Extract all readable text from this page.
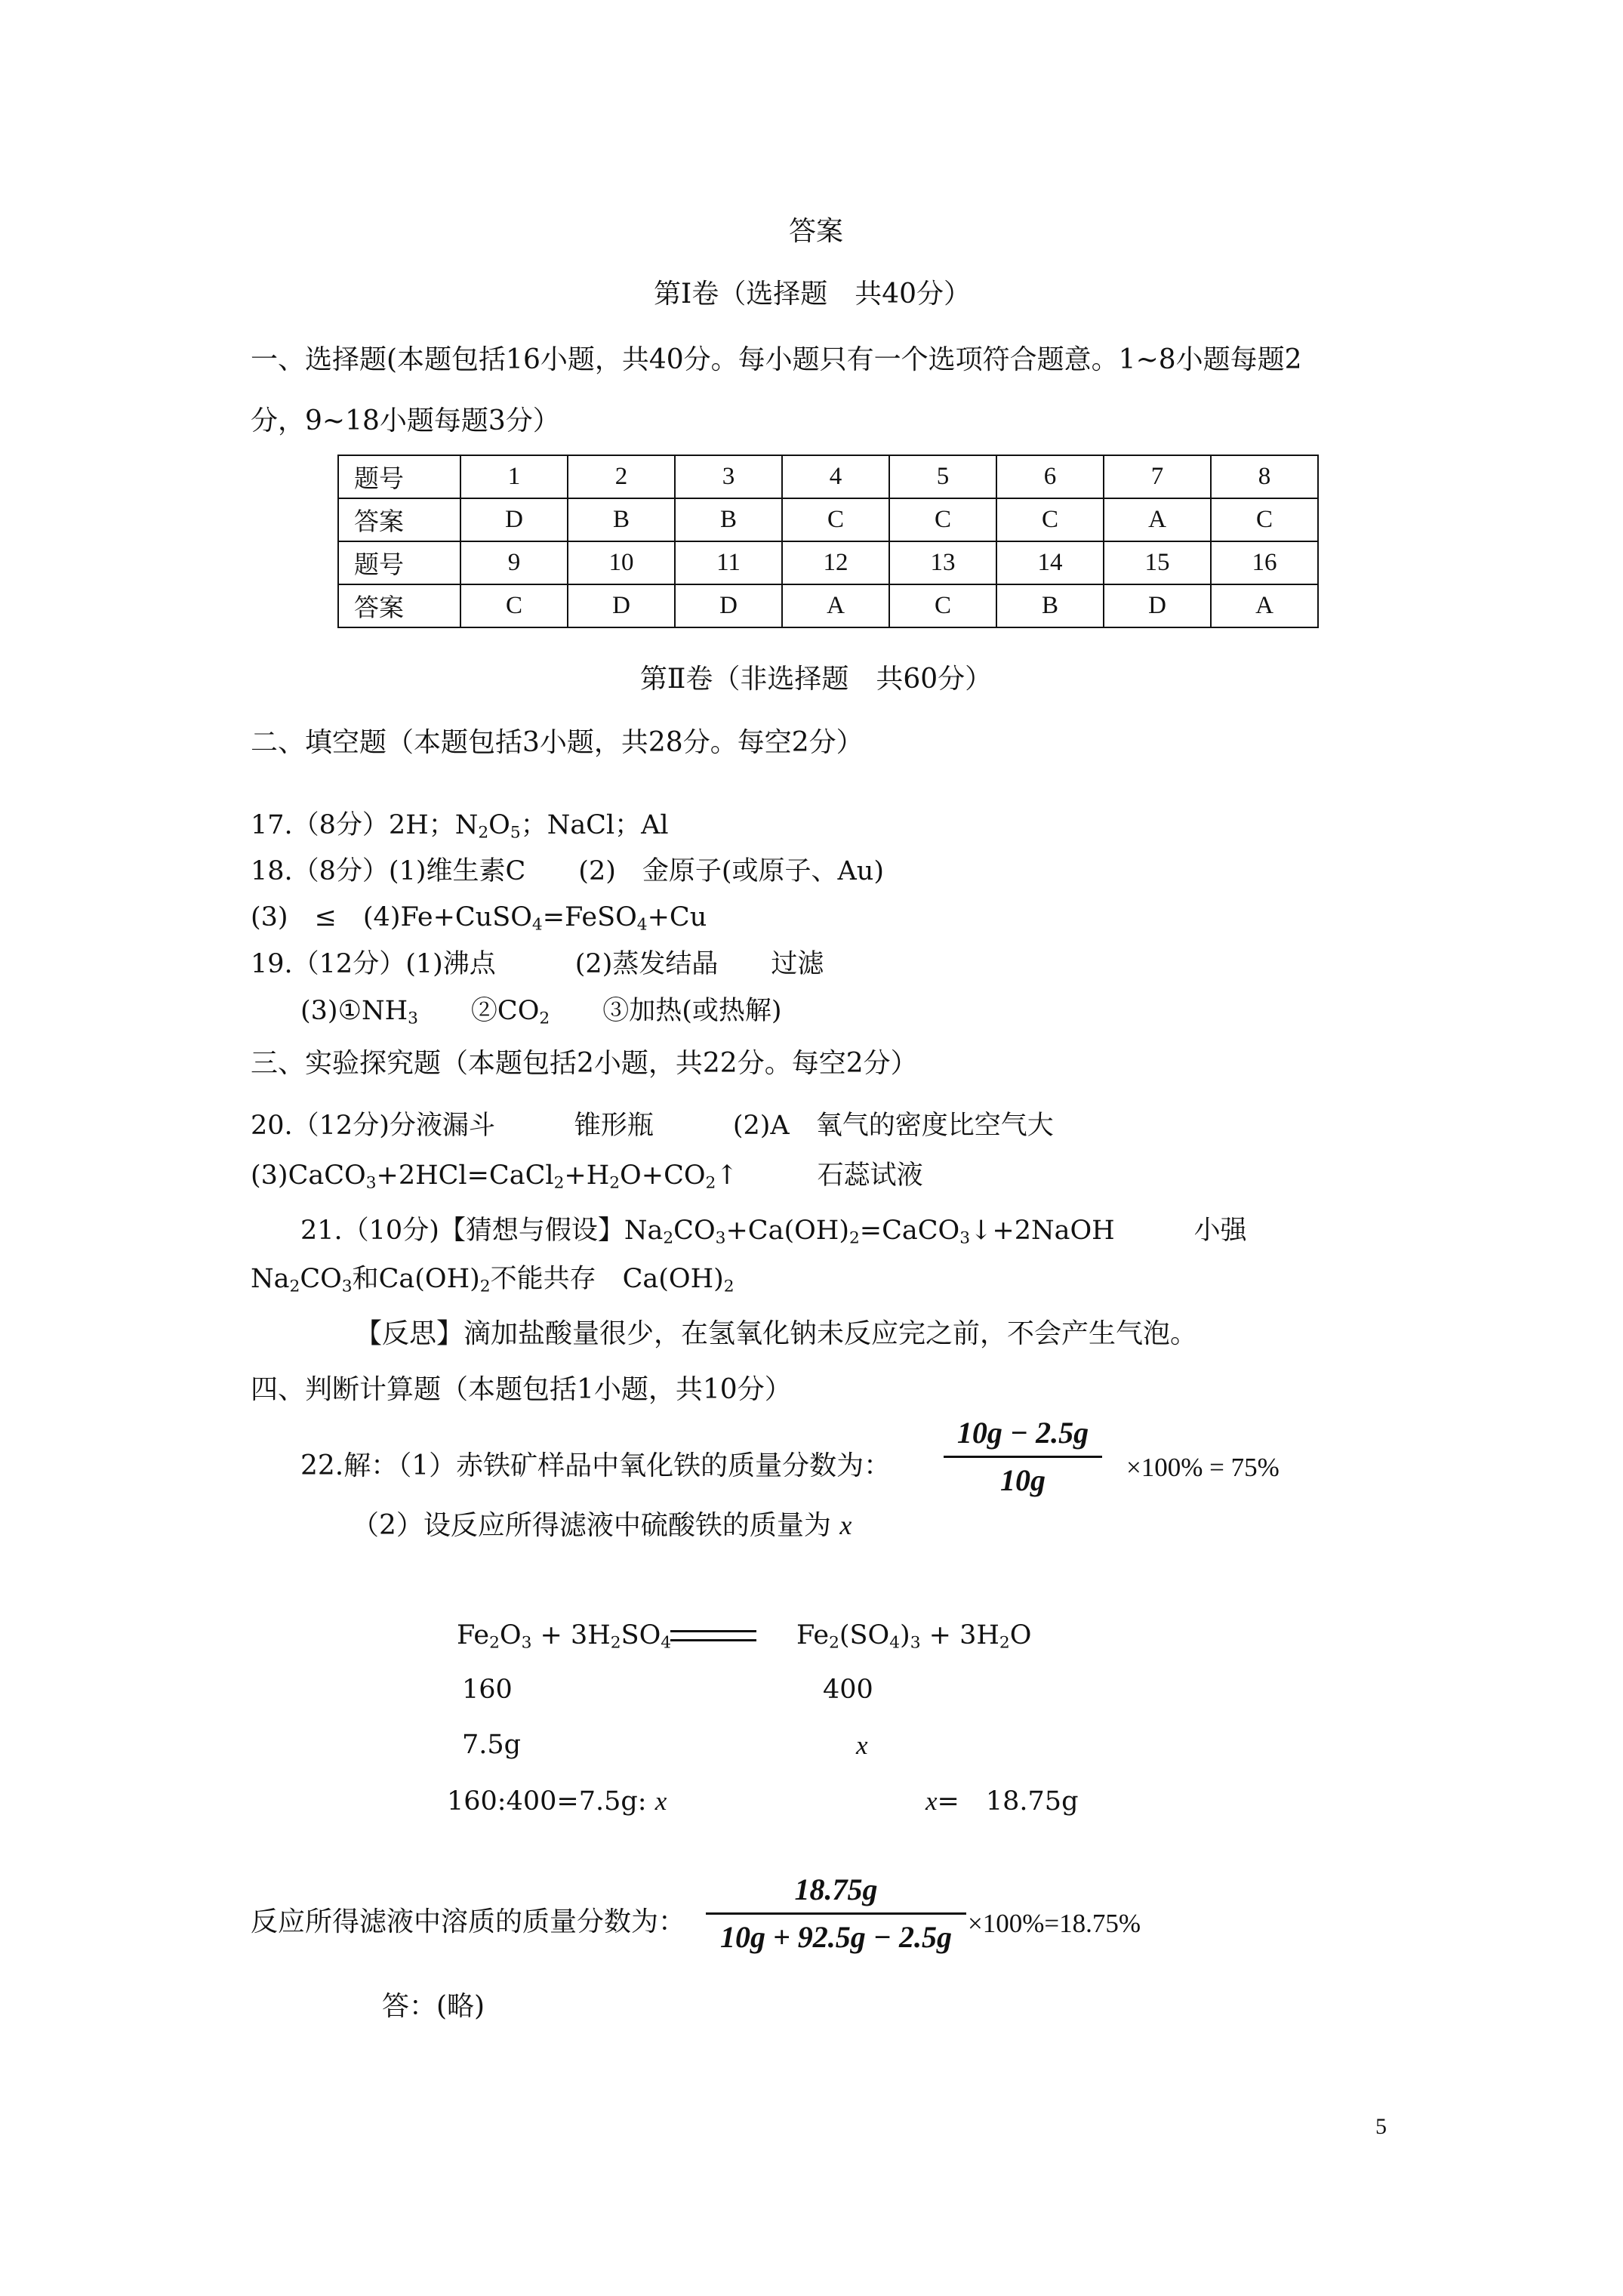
答案
第Ⅰ卷（选择题　共40分）
一、选择题(本题包括16小题，共40分。每小题只有一个选项符合题意。1~8小题每题2
分，9~18小题每题3分）
题号	1	2	3	4	5	6	7	8
答案	D	B	B	C	C	C	A	C
题号	9	10	11	12	13	14	15	16
答案	C	D	D	A	C	B	D	A
第Ⅱ卷（非选择题　共60分）
二、填空题（本题包括3小题，共28分。每空2分）
17.（8分）2H；$N_2O_5$；NaCl；Al
18.（8分）(1)维生素C　　(2)　金原子(或原子、Au)
(3)　≤　(4)Fe+CuSO$_4$=FeSO$_4$+Cu
19.（12分）(1)沸点　　　(2)蒸发结晶　　过滤
$(3)①NH_3$　　$②CO_2$　　③加热(或热解)
三、实验探究题（本题包括2小题，共22分。每空2分）
20.（12分)分液漏斗　　　锥形瓶　　　(2)A　氧气的密度比空气大
$(3)CaCO_3+2HCl=CaCl_2+H_2O+CO_2↑$　　　石蕊试液
21.（10分)【猜想与假设】$Na_2CO_3+Ca(OH)_2=CaCO_3↓+2NaOH$　　　小强
$Na_2CO_3$和$Ca(OH)_2$不能共存　$Ca(OH)_2$
【反思】滴加盐酸量很少，在氢氧化钠未反应完之前，不会产生气泡。
四、判断计算题（本题包括1小题，共10分）
22.解：（1）赤铁矿样品中氧化铁的质量分数为：
10g − 2.5g
10g	×100% = 75%
（2）设反应所得滤液中硫酸铁的质量为 x
$Fe_2O_3 + 3H_2SO_4$	$Fe_2(SO_4)_3 + 3H_2O$
160	400
7.5g	x
160:400=7.5g: x	x=　18.75g
反应所得滤液中溶质的质量分数为：
18.75g
10g + 92.5g − 2.5g ×100%=18.75%
答：(略)
5
